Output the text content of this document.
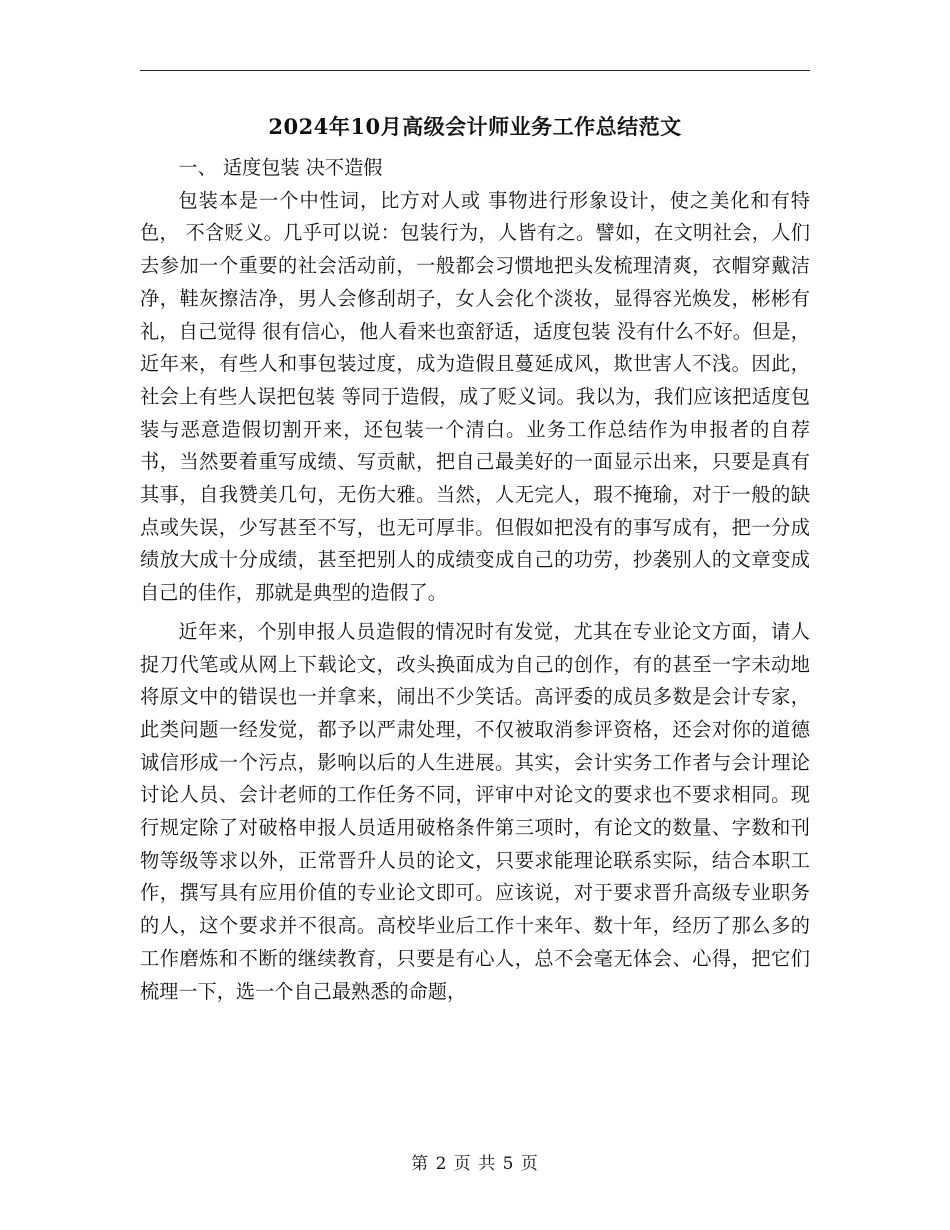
2024年10月高级会计师业务工作总结范文

一、 适度包装 决不造假

包装本是一个中性词，比方对人或 事物进行形象设计，使之美化和有特色， 不含贬义。几乎可以说：包装行为，人皆有之。譬如，在文明社会，人们去参加一个重要的社会活动前，一般都会习惯地把头发梳理清爽，衣帽穿戴洁净，鞋灰擦洁净，男人会修刮胡子，女人会化个淡妆，显得容光焕发，彬彬有礼，自己觉得 很有信心，他人看来也蛮舒适，适度包装 没有什么不好。但是，近年来，有些人和事包装过度，成为造假且蔓延成风，欺世害人不浅。因此，社会上有些人误把包装 等同于造假，成了贬义词。我以为，我们应该把适度包装与恶意造假切割开来，还包装一个清白。业务工作总结作为申报者的自荐书，当然要着重写成绩、写贡献，把自己最美好的一面显示出来，只要是真有其事，自我赞美几句，无伤大雅。当然，人无完人，瑕不掩瑜，对于一般的缺点或失误，少写甚至不写，也无可厚非。但假如把没有的事写成有，把一分成绩放大成十分成绩，甚至把别人的成绩变成自己的功劳，抄袭别人的文章变成自己的佳作，那就是典型的造假了。

近年来，个别申报人员造假的情况时有发觉，尤其在专业论文方面，请人捉刀代笔或从网上下载论文，改头换面成为自己的创作，有的甚至一字未动地将原文中的错误也一并拿来，闹出不少笑话。高评委的成员多数是会计专家，此类问题一经发觉，都予以严肃处理，不仅被取消参评资格，还会对你的道德诚信形成一个污点，影响以后的人生进展。其实，会计实务工作者与会计理论讨论人员、会计老师的工作任务不同，评审中对论文的要求也不要求相同。现行规定除了对破格申报人员适用破格条件第三项时，有论文的数量、字数和刊物等级等求以外，正常晋升人员的论文，只要求能理论联系实际，结合本职工作，撰写具有应用价值的专业论文即可。应该说，对于要求晋升高级专业职务的人，这个要求并不很高。高校毕业后工作十来年、数十年，经历了那么多的工作磨炼和不断的继续教育，只要是有心人，总不会毫无体会、心得，把它们梳理一下，选一个自己最熟悉的命题，

第 2 页 共 5 页
